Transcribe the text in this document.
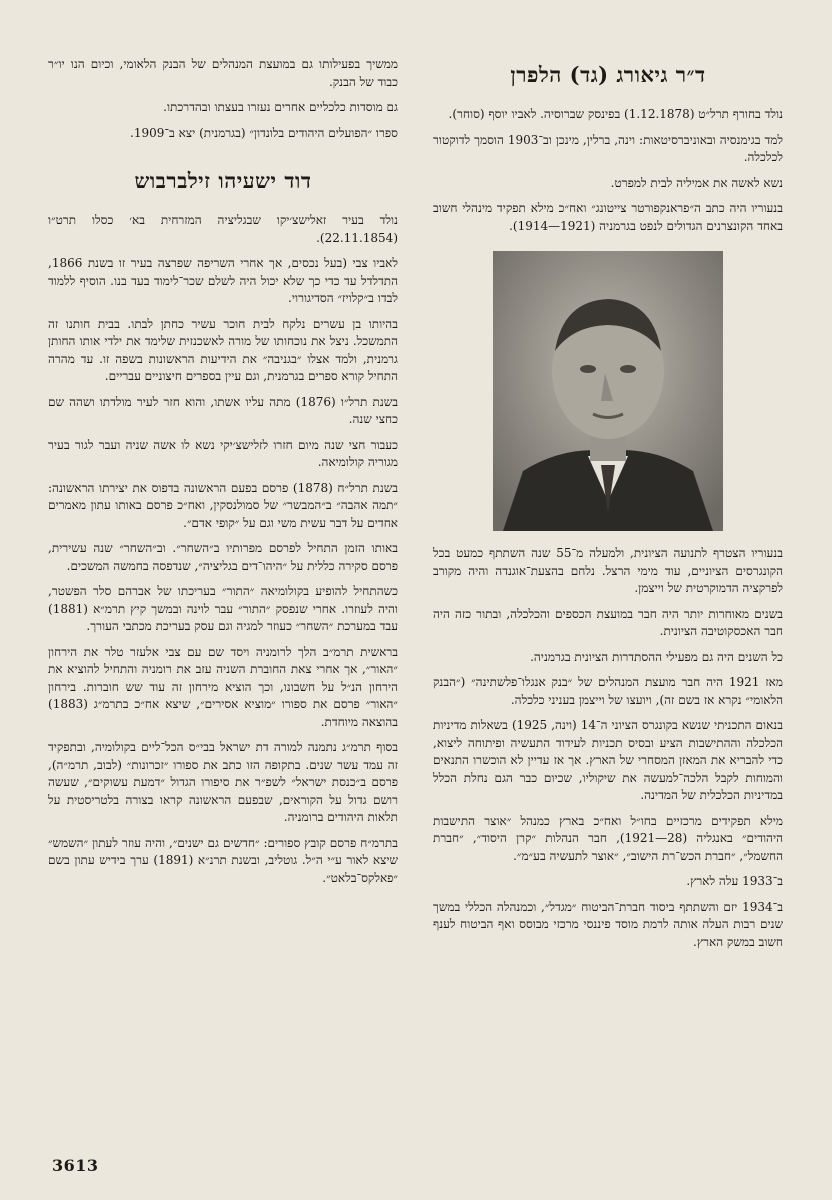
ד״ר גיאורג (גד) הלפרן

נולד בחורף תרל״ט (1.12.1878) בפינסק שברוסיה. לאביו יוסף (סוחר).

למד בגימנסיה ובאוניברסיטאות: וינה, ברלין, מינכן וב־1903 הוסמך לדוקטור לכלכלה.

נשא לאשה את אמיליה לבית למפרט.

בנעוריו היה כתב ה״פראנקפורטר צייטונג״ ואח״כ מילא תפקיד מינהלי חשוב באחד הקונצרנים הגדולים לנפט בגרמניה (1921—1914).

בנעוריו הצטרף לתנועה הציונית, ולמעלה מ־55 שנה השתתף כמעט בכל הקונגרסים הציוניים, עוד מימי הרצל. נלחם בהצעת־אוגנדה והיה מקורב לפרקציה הדמוקרטית של וייצמן.

בשנים מאוחרות יותר היה חבר במועצת הכספים והכלכלה, ובתור כזה היה חבר האכסקוטיבה הציונית.

כל השנים היה גם מפעילי ההסתדרות הציונית בגרמניה.

מאז 1921 היה חבר מועצת המנהלים של ״בנק אנגלו־פלשתינה״ (״הבנק הלאומי״ נקרא אז בשם זה), ויועצו של וייצמן בעניני כלכלה.

בנאום התכניתי שנשא בקונגרס הציוני ה־14 (וינה, 1925) בשאלות מדיניות הכלכלה וההתישבות הציע ובסיס תכניות לעידוד התעשיה ופיתוחה ליצוא, כדי להבריא את המאזן המסחרי של הארץ. אך אז עדיין לא הוכשרו התנאים והמוחות לקבל הלכה־למעשה את שיקוליו, שכיום כבר הגם נחלת הכלל במדיניות הכלכלית של המדינה.

מילא תפקידים מרכזיים בחו״ל ואח״כ בארץ כמנהל ״אוצר התישבות היהודים״ באנגליה (28—1921), חבר הנהלות ״קרן היסוד״, ״חברת החשמל״, ״חברת הכש־רת הישוב״, ״אוצר לתעשיה בע״מ״.

ב־1933 עלה לארץ.

ב־1934 יזם והשתתף ביסוד חברת־הביטוח ״מגדל״, וכמנהלה הכללי במשך שנים רבות העלה אותה לרמת מוסד פיננסי מרכזי מבוסס ואף הביטוח לענף חשוב במשק הארץ.

ממשיך בפעילותו גם במועצת המנהלים של הבנק הלאומי, וכיום הנו יו״ר כבוד של הבנק.

גם מוסדות כלכליים אחרים נעזרו בעצתו ובהדרכתו.

ספרו ״הפועלים היהודים בלונדון״ (בגרמנית) יצא ב־1909.

דוד ישעיהו זילברבוש

נולד בעיר זאלישצ׳יקו שבגליציה המזרחית בא׳ כסלו תרט״ו (22.11.1854).

לאביו צבי (בעל נכסים, אך אחרי השריפה שפרצה בעיר זו בשנת 1866, התדלדל עד כדי כך שלא יכול היה לשלם שכר־לימוד בעד בנו. הוסיף ללמוד לבדו ב״קלויז״ הסדיגורוי.

בהיותו בן עשרים נלקח לבית חוכר עשיר כחתן לבתו. בבית חותנו זה התמשכל. ניצל את נוכחותו של מורה לאשכנזית שלימד את ילדי אותו החותן גרמנית, ולמד אצלו ״בגניבה״ את הידיעות הראשונות בשפה זו. עד מהרה התחיל קורא ספרים בגרמנית, וגם עיין בספרים חיצוניים עבריים.

בשנת תרל״ו (1876) מתה עליו אשתו, והוא חזר לעיר מולדתו ושהה שם כחצי שנה.

כעבור חצי שנה מיום חזרו לזלישצ׳יקי נשא לו אשה שניה ועבר לגור בעיר מגוריה קולומיאה.

בשנת תרל״ח (1878) פרסם בפעם הראשונה בדפוס את יצירתו הראשונה: ״תמה אהבה״ ב״המבשר״ של סמולנסקין, ואח״כ פרסם באותו עתון מאמרים אחדים על דבר עשית משי וגם על ״קופי אדם״.

באותו הזמן התחיל לפרסם מפרותיו ב״השחר״. וב״השחר״ שנה עשירית, פרסם סקירה כללית על ״היהו־דים בגליציה״, שנדפסה בחמשה המשכים.

כשהתחיל להופיע בקולומיאה ״התור״ בעריכתו של אברהם סלר הפשטר, והיה לעוזרו. אחרי שנפסק ״התור״ עבר לוינה ובמשך קיץ תרמ״א (1881) עבד במערכת ״השחר״ כעוזר למגיה וגם עסק בעריכת מכתבי העורך.

בראשית תרמ״ב הלך לרומניה ויסד שם עם צבי אלעזר טלר את הירחון ״האור״, אך אחרי צאת החוברת השניה עזב את רומניה והתחיל להוציא את הירחון הנ״ל על חשבונו, וכך הוציא מירחון זה עוד שש חוברות. בירחון ״האור״ פרסם את ספורו ״מוציא אסירים״, שיצא אח״כ בתרמ״ג (1883) בהוצאה מיוחדת.

בסוף תרמ״ג נתמנה למורה דת ישראל בבי״ס הכל־ליים בקולומיה, ובתפקיד זה עמד עשר שנים. בתקופה הזו כתב את ספורו ״זכרונות״ (לבוב, תרמ״ה), פרסם ב״כנסת ישראל״ לשפ״ר את סיפורו הגדול ״דמעת עשוקים״, שעשה רושם גדול על הקוראים, שבפעם הראשונה קראו בצורה בלטריסטית על תלאות היהודים ברומניה.

בתרמ״ח פרסם קובץ ספורים: ״חדשים גם ישנים״, והיה עוזר לעתון ״השמש״ שיצא לאור ע״י ה״ל. גוטליב, ובשנת תרנ״א (1891) ערך בידיש עתון בשם ״פאלקס־בלאט״.

3613
